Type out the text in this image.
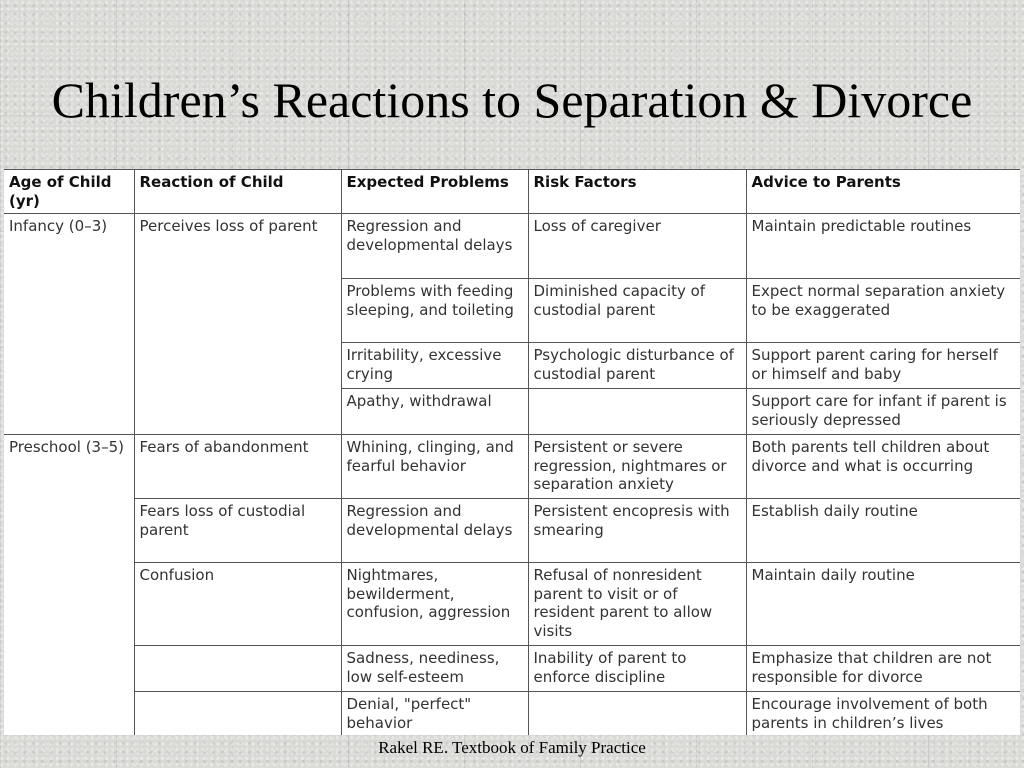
Children’s Reactions to Separation & Divorce
Age of Child (yr)	Reaction of Child	Expected Problems	Risk Factors	Advice to Parents
Infancy (0–3)	Perceives loss of parent	Regression and developmental delays	Loss of caregiver	Maintain predictable routines
		Problems with feeding sleeping, and toileting	Diminished capacity of custodial parent	Expect normal separation anxiety to be exaggerated
		Irritability, excessive crying	Psychologic disturbance of custodial parent	Support parent caring for herself or himself and baby
		Apathy, withdrawal		Support care for infant if parent is seriously depressed
Preschool (3–5)	Fears of abandonment	Whining, clinging, and fearful behavior	Persistent or severe regression, nightmares or separation anxiety	Both parents tell children about divorce and what is occurring
	Fears loss of custodial parent	Regression and developmental delays	Persistent encopresis with smearing	Establish daily routine
	Confusion	Nightmares, bewilderment, confusion, aggression	Refusal of nonresident parent to visit or of resident parent to allow visits	Maintain daily routine
		Sadness, neediness, low self-esteem	Inability of parent to enforce discipline	Emphasize that children are not responsible for divorce
		Denial, "perfect" behavior		Encourage involvement of both parents in children’s lives
Rakel RE. Textbook of Family Practice
